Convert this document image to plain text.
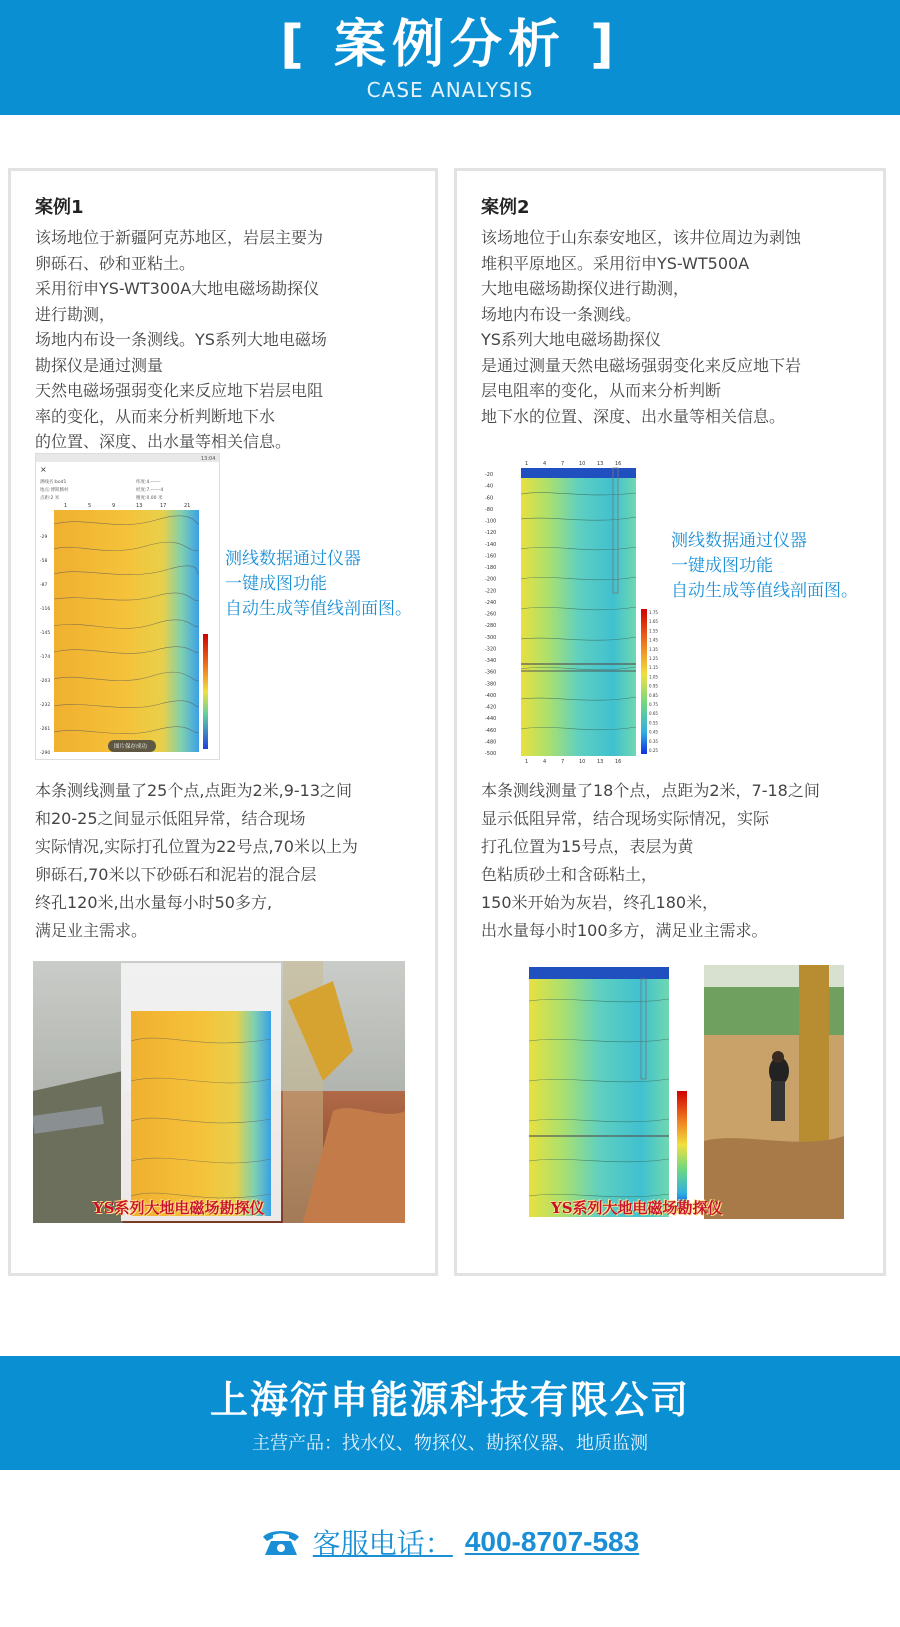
[ 案例分析 ]
CASE ANALYSIS
案例1
该场地位于新疆阿克苏地区，岩层主要为
卵砾石、砂和亚粘土。
采用衍申YS-WT300A大地电磁场勘探仪
进行勘测，
场地内布设一条测线。YS系列大地电磁场
勘探仪是通过测量
天然电磁场强弱变化来反应地下岩层电阻
率的变化，从而来分析判断地下水
的位置、深度、出水量等相关信息。
13:04
×
测线名:bod1
地点:博斯腾村
点距:2 米
纬度:4.------
经度:7.------4
精度:0.00 米
1	5	9	13	17	21
-29
-58
-87
-116
-145
-174
-203
-232
-261
-290
图片保存成功
测线数据通过仪器
一键成图功能
自动生成等值线剖面图。
本条测线测量了25个点,点距为2米,9-13之间
和20-25之间显示低阻异常，结合现场
实际情况,实际打孔位置为22号点,70米以上为
卵砾石,70米以下砂砾石和泥岩的混合层
终孔120米,出水量每小时50多方,
满足业主需求。
YS系列大地电磁场勘探仪
案例2
该场地位于山东泰安地区，该井位周边为剥蚀
堆积平原地区。采用衍申YS-WT500A
大地电磁场勘探仪进行勘测，
场地内布设一条测线。
YS系列大地电磁场勘探仪
是通过测量天然电磁场强弱变化来反应地下岩
层电阻率的变化，从而来分析判断
地下水的位置、深度、出水量等相关信息。
1	4	7	10 13 16
-20
-40
-60
-80
-100
-120
-140
-160
-180
-200
-220
-240
-260
-280
-300
-320
-340
-360
-380
-400
-420
-440
-460
-480
-500
1.75
1.65
1.55
1.45
1.35
1.25
1.15
1.05
0.95
0.85
0.75
0.65
0.55
0.45
0.35
0.25
1	4	7	10 13 16
测线数据通过仪器
一键成图功能
自动生成等值线剖面图。
本条测线测量了18个点，点距为2米，7-18之间
显示低阻异常，结合现场实际情况，实际
打孔位置为15号点，表层为黄
色粘质砂土和含砾粘土，
150米开始为灰岩，终孔180米，
出水量每小时100多方，满足业主需求。
YS系列大地电磁场勘探仪
上海衍申能源科技有限公司
主营产品：找水仪、物探仪、勘探仪器、地质监测
客服电话： 400-8707-583
